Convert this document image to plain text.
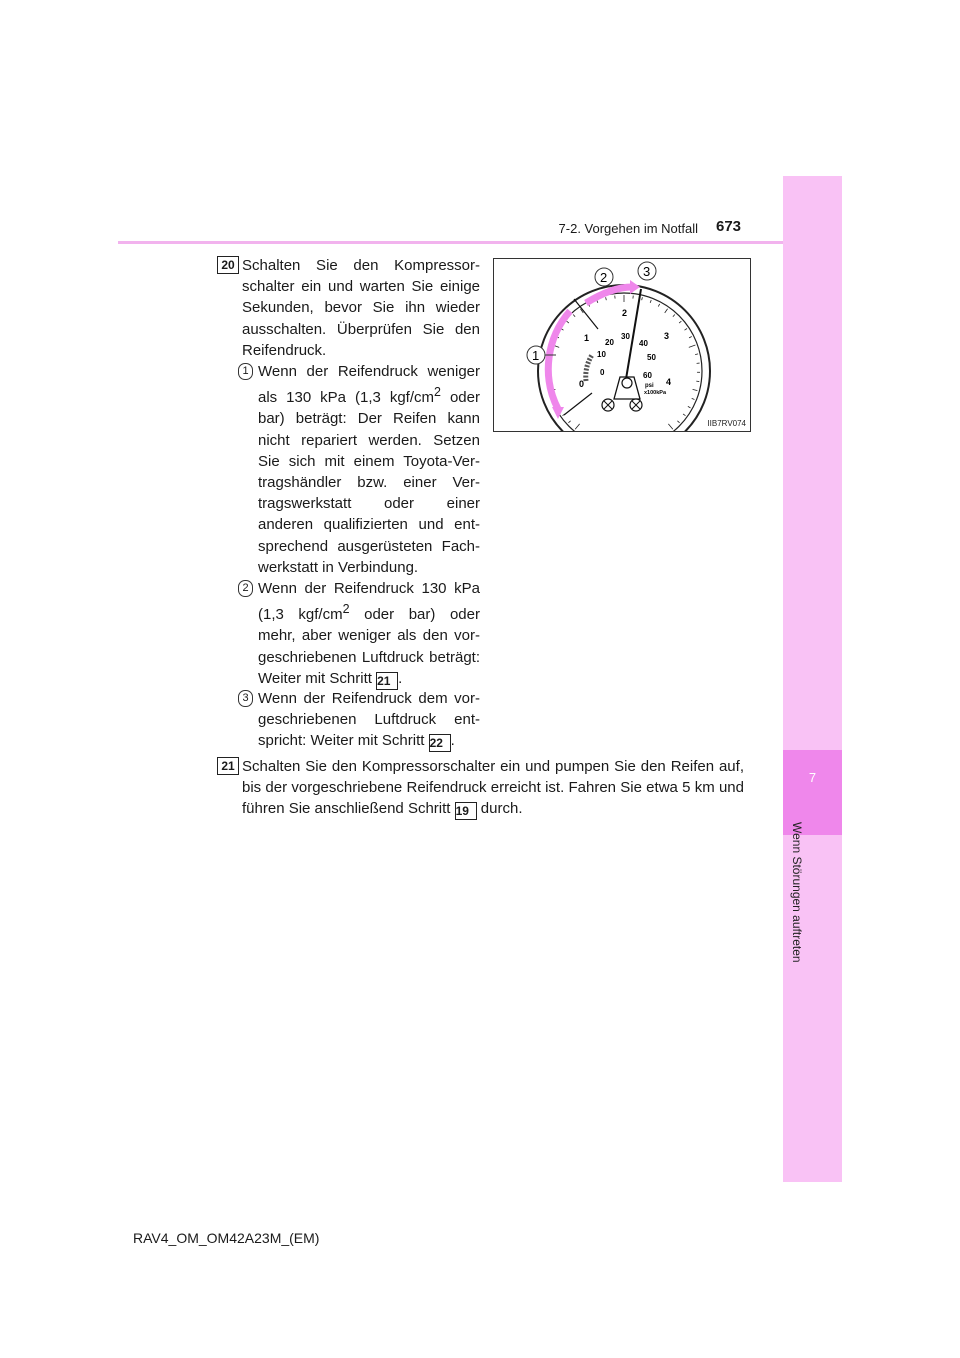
7-2. Vorgehen im Notfall 673
7
Wenn Störungen auftreten
20 Schalten Sie den Kompressor- schalter ein und warten Sie einige Sekunden, bevor Sie ihn wieder ausschalten. Überprüfen Sie den Reifendruck.
1 Wenn der Reifendruck weniger als 130 kPa (1,3 kgf/$cm^2$ oder bar) beträgt: Der Reifen kann nicht repariert werden. Setzen Sie sich mit einem Toyota-Ver- tragshändler bzw. einer Ver- tragswerkstatt oder einer anderen qualifizierten und ent- sprechend ausgerüsteten Fach- werkstatt in Verbindung.
2 Wenn der Reifendruck 130 kPa (1,3 kgf/$cm^2$ oder bar) oder mehr, aber weniger als den vor- geschriebenen Luftdruck beträgt: Weiter mit Schritt 21 .
3 Wenn der Reifendruck dem vor- geschriebenen Luftdruck ent- spricht: Weiter mit Schritt 22 .
21 Schalten Sie den Kompressorschalter ein und pumpen Sie den Reifen auf, bis der vorgeschriebene Reifendruck erreicht ist. Fahren Sie etwa 5 km und führen Sie anschließend Schritt 19 durch.
0
1
2
3
4
0
10
20
30
40
50
60
psi
x100kPa
1
2	3
IIB7RV074
RAV4_OM_OM42A23M_(EM)
